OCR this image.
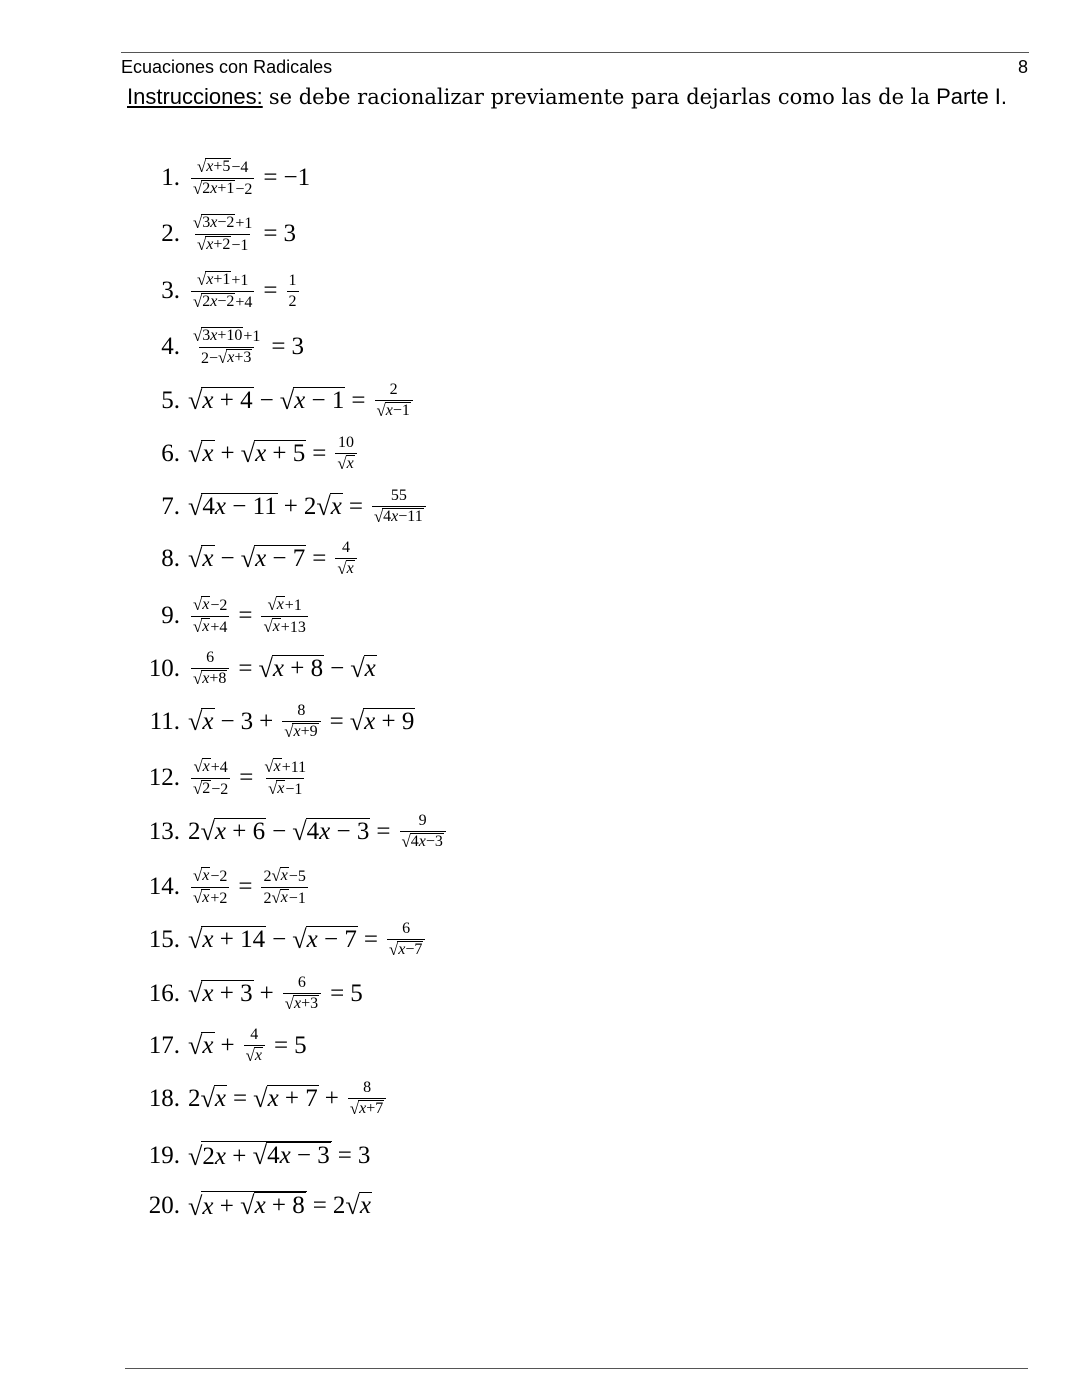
Ecuaciones con Radicales	8
Instrucciones: se debe racionalizar previamente para dejarlas como las de la Parte I.
1. $\frac{√ x+5 -4}{√ 2x+1 -2} = -1$
2. $\frac{√ 3x-2 +1}{√ x+2 -1} = 3$
3. $\frac{√ x+1 +1}{√ 2x-2 +4} = \frac{1}{2}$
4. $\frac{√ 3x+10 +1}{2- √ x+3} = 3$
5. √ x + 4 − √ $x - 1 = \frac{2}{√ x-1}$
6. √ x + √ $x + 5 = \frac{10}{√ x}$
7. √ 4x − 11 + 2 √ $x = \frac{55}{√ 4x-11}$
8. √ x − √ $x - 7 = \frac{4}{√ x}$
9. $\frac{√ x -2}{√ x +4} = \frac{√ x +1}{√ x +13}$
10. $\frac{6}{√ x+8}$ = √ x + 8 − √ x
11. √ $x - 3 + \frac{8}{√ x+9}$ = √ x + 9
12. $\frac{√ x +4}{√ 2 -2} = \frac{√ x +11}{√ x -1}$
13. 2 √ x + 6 − √ $4x - 3 = \frac{9}{√ 4x-3}$
14. $\frac{√ x -2}{√ x +2} = \frac{2 √ x -5}{2 √ x -1}$
15. √ x + 14 − √ $x - 7 = \frac{6}{√ x-7}$
16. √ $x + 3 + \frac{6}{√ x+3} = 5$
17. √ $x + \frac{4}{√ x} = 5$
18. 2 √ x = √ $x + 7 + \frac{8}{√ x+7}$
19. √ 2x + √ 4x − 3 = 3
20. √ x + √ x + 8 = 2 √ x
